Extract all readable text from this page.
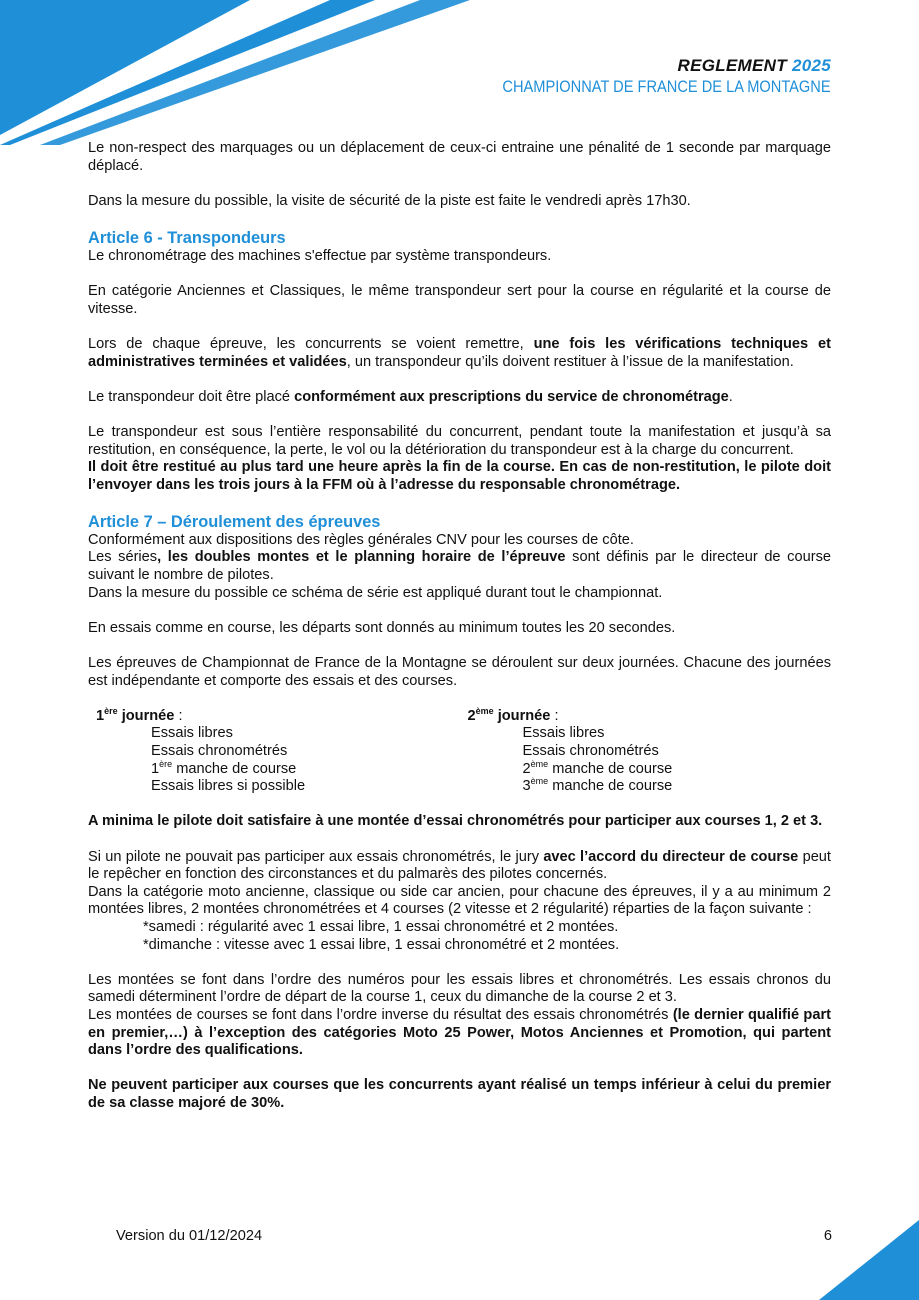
REGLEMENT 2025
CHAMPIONNAT DE FRANCE DE LA MONTAGNE

Le non-respect des marquages ou un déplacement de ceux-ci entraine une pénalité de 1 seconde par marquage déplacé.

Dans la mesure du possible, la visite de sécurité de la piste est faite le vendredi après 17h30.

Article 6 - Transpondeurs

Le chronométrage des machines s'effectue par système transpondeurs.

En catégorie Anciennes et Classiques, le même transpondeur sert pour la course en régularité et la course de vitesse.

Lors de chaque épreuve, les concurrents se voient remettre, une fois les vérifications techniques et administratives terminées et validées, un transpondeur qu’ils doivent restituer à l’issue de la manifestation.

Le transpondeur doit être placé conformément aux prescriptions du service de chronométrage.

Le transpondeur est sous l’entière responsabilité du concurrent, pendant toute la manifestation et jusqu’à sa restitution, en conséquence, la perte, le vol ou la détérioration du transpondeur est à la charge du concurrent.

Il doit être restitué au plus tard une heure après la fin de la course. En cas de non-restitution, le pilote doit l’envoyer dans les trois jours à la FFM où à l’adresse du responsable chronométrage.

Article 7 – Déroulement des épreuves

Conformément aux dispositions des règles générales CNV pour les courses de côte.

Les séries, les doubles montes et le planning horaire de l’épreuve sont définis par le directeur de course suivant le nombre de pilotes.

Dans la mesure du possible ce schéma de série est appliqué durant tout le championnat.

En essais comme en course, les départs sont donnés au minimum toutes les 20 secondes.

Les épreuves de Championnat de France de la Montagne se déroulent sur deux journées. Chacune des journées est indépendante et comporte des essais et des courses.

1ère journée :
Essais libres
Essais chronométrés
1ère manche de course
Essais libres si possible
2ème journée :
Essais libres
Essais chronométrés
2ème manche de course
3ème manche de course

A minima le pilote doit satisfaire à une montée d’essai chronométrés pour participer aux courses 1, 2 et 3.

Si un pilote ne pouvait pas participer aux essais chronométrés, le jury avec l’accord du directeur de course peut le repêcher en fonction des circonstances et du palmarès des pilotes concernés.

Dans la catégorie moto ancienne, classique ou side car ancien, pour chacune des épreuves, il y a au minimum 2 montées libres, 2 montées chronométrées et 4 courses (2 vitesse et 2 régularité) réparties de la façon suivante :

*samedi : régularité avec 1 essai libre, 1 essai chronométré et 2 montées.
*dimanche : vitesse avec 1 essai libre, 1 essai chronométré et 2 montées.

Les montées se font dans l’ordre des numéros pour les essais libres et chronométrés. Les essais chronos du samedi déterminent l’ordre de départ de la course 1, ceux du dimanche de la course 2 et 3.

Les montées de courses se font dans l’ordre inverse du résultat des essais chronométrés (le dernier qualifié part en premier,…) à l’exception des catégories Moto 25 Power, Motos Anciennes et Promotion, qui partent dans l’ordre des qualifications.

Ne peuvent participer aux courses que les concurrents ayant réalisé un temps inférieur à celui du premier de sa classe majoré de 30%.

Version du 01/12/2024	6
